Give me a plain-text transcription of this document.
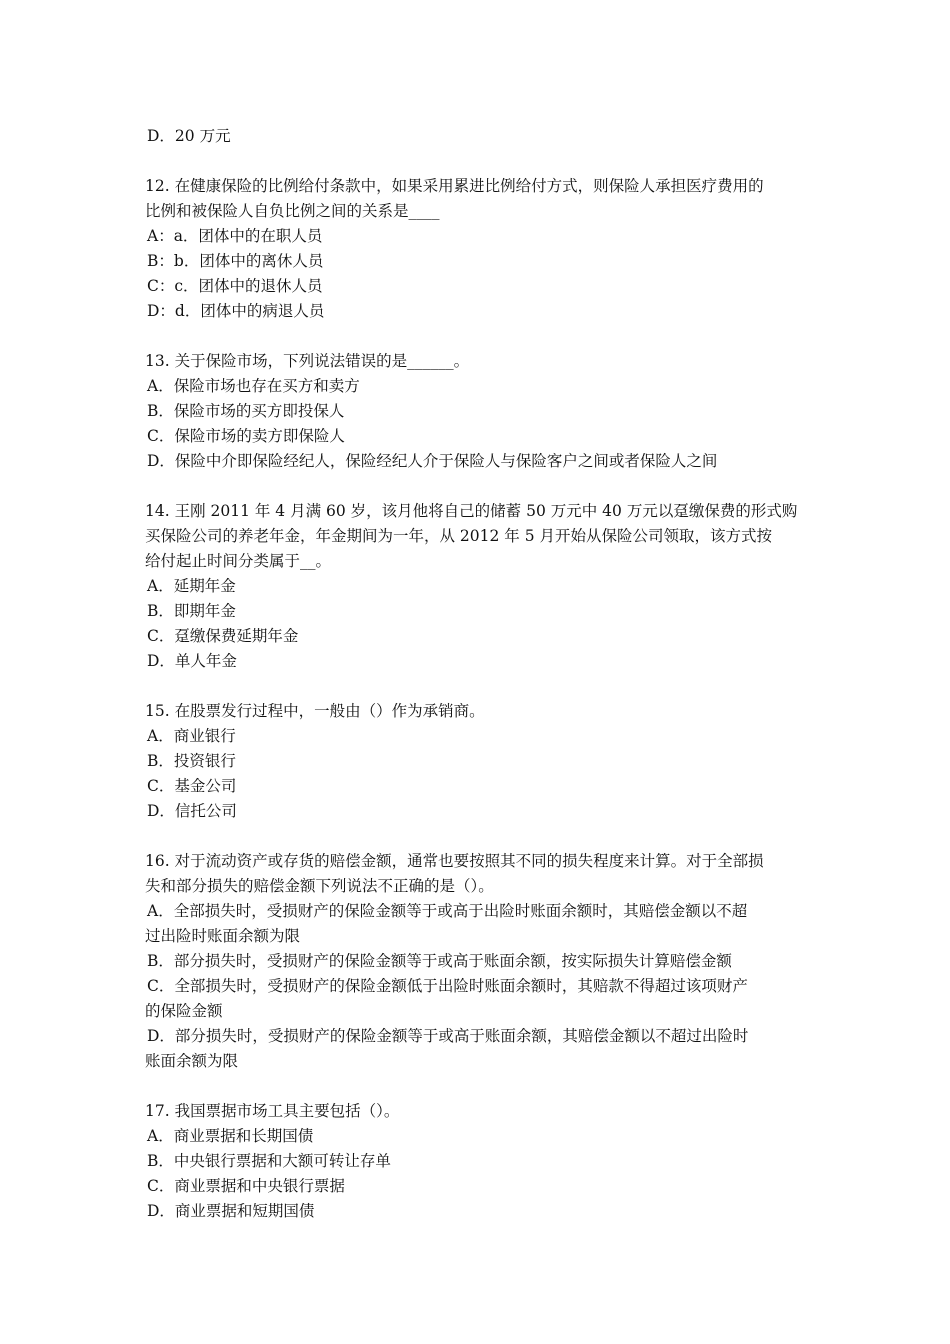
D．20 万元
12. 在健康保险的比例给付条款中，如果采用累进比例给付方式，则保险人承担医疗费用的
比例和被保险人自负比例之间的关系是____
A：a．团体中的在职人员
B：b．团体中的离休人员
C：c．团体中的退休人员
D：d．团体中的病退人员
13. 关于保险市场，下列说法错误的是______。
A．保险市场也存在买方和卖方
B．保险市场的买方即投保人
C．保险市场的卖方即保险人
D．保险中介即保险经纪人，保险经纪人介于保险人与保险客户之间或者保险人之间
14. 王刚 2011 年 4 月满 60 岁，该月他将自己的储蓄 50 万元中 40 万元以趸缴保费的形式购
买保险公司的养老年金，年金期间为一年，从 2012 年 5 月开始从保险公司领取，该方式按
给付起止时间分类属于__。
A．延期年金
B．即期年金
C．趸缴保费延期年金
D．单人年金
15. 在股票发行过程中，一般由（）作为承销商。
A．商业银行
B．投资银行
C．基金公司
D．信托公司
16. 对于流动资产或存货的赔偿金额，通常也要按照其不同的损失程度来计算。对于全部损
失和部分损失的赔偿金额下列说法不正确的是（）。
A．全部损失时，受损财产的保险金额等于或高于出险时账面余额时，其赔偿金额以不超
过出险时账面余额为限
B．部分损失时，受损财产的保险金额等于或高于账面余额，按实际损失计算赔偿金额
C．全部损失时，受损财产的保险金额低于出险时账面余额时，其赔款不得超过该项财产
的保险金额
D．部分损失时，受损财产的保险金额等于或高于账面余额，其赔偿金额以不超过出险时
账面余额为限
17. 我国票据市场工具主要包括（）。
A．商业票据和长期国债
B．中央银行票据和大额可转让存单
C．商业票据和中央银行票据
D．商业票据和短期国债
